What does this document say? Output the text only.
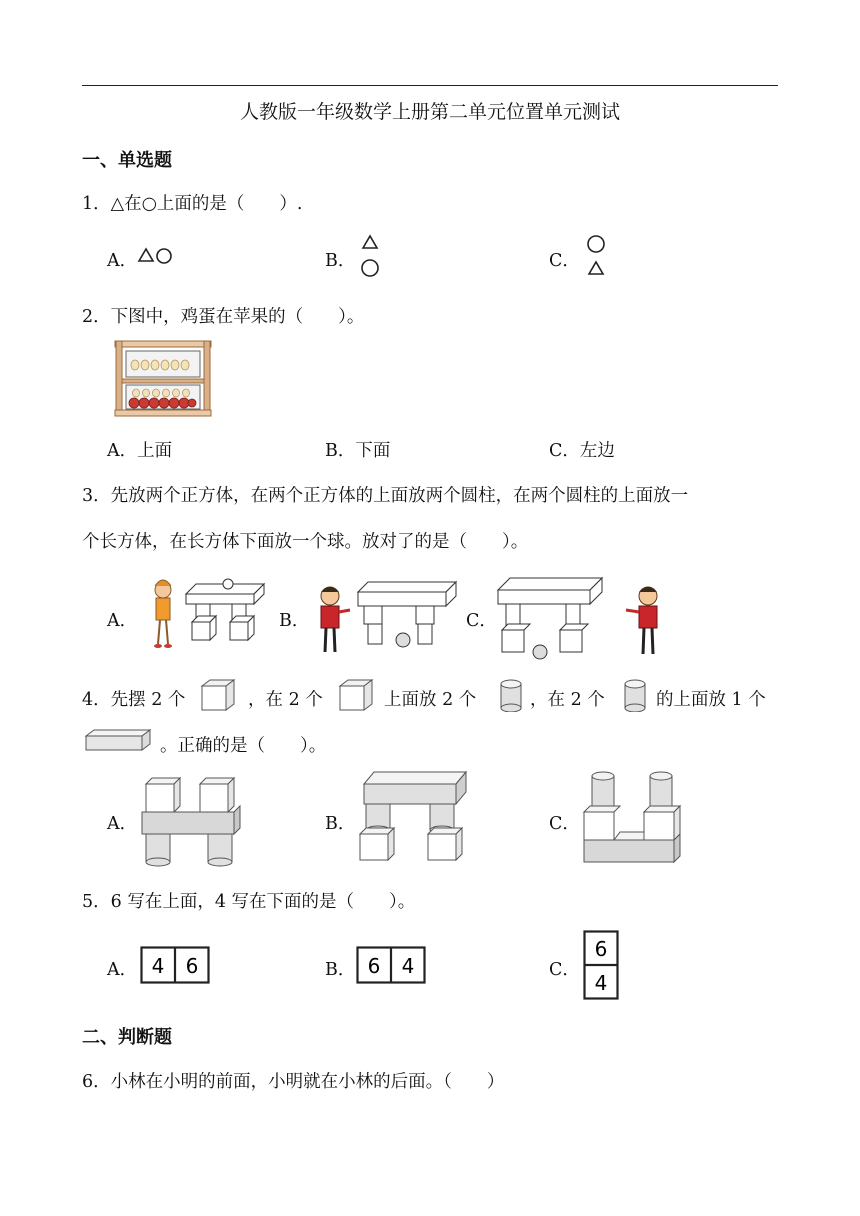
人教版一年级数学上册第二单元位置单元测试
一、单选题
1．△在○上面的是（　　）.
A．	B．	C．
2．下图中，鸡蛋在苹果的（　　）。
A．上面	B．下面	C．左边
3．先放两个正方体，在两个正方体的上面放两个圆柱，在两个圆柱的上面放一
个长方体，在长方体下面放一个球。放对了的是（　　）。
A．	B．	C．
4．先摆 2 个	，在 2 个	上面放 2 个	，在 2 个	的上面放 1 个
。正确的是（　　）。
A．	B．	C．
5．6 写在上面，4 写在下面的是（　　）。
A． 4 6	B． 6 4	C．
6
4
二、判断题
6．小林在小明的前面，小明就在小林的后面。（　　）
